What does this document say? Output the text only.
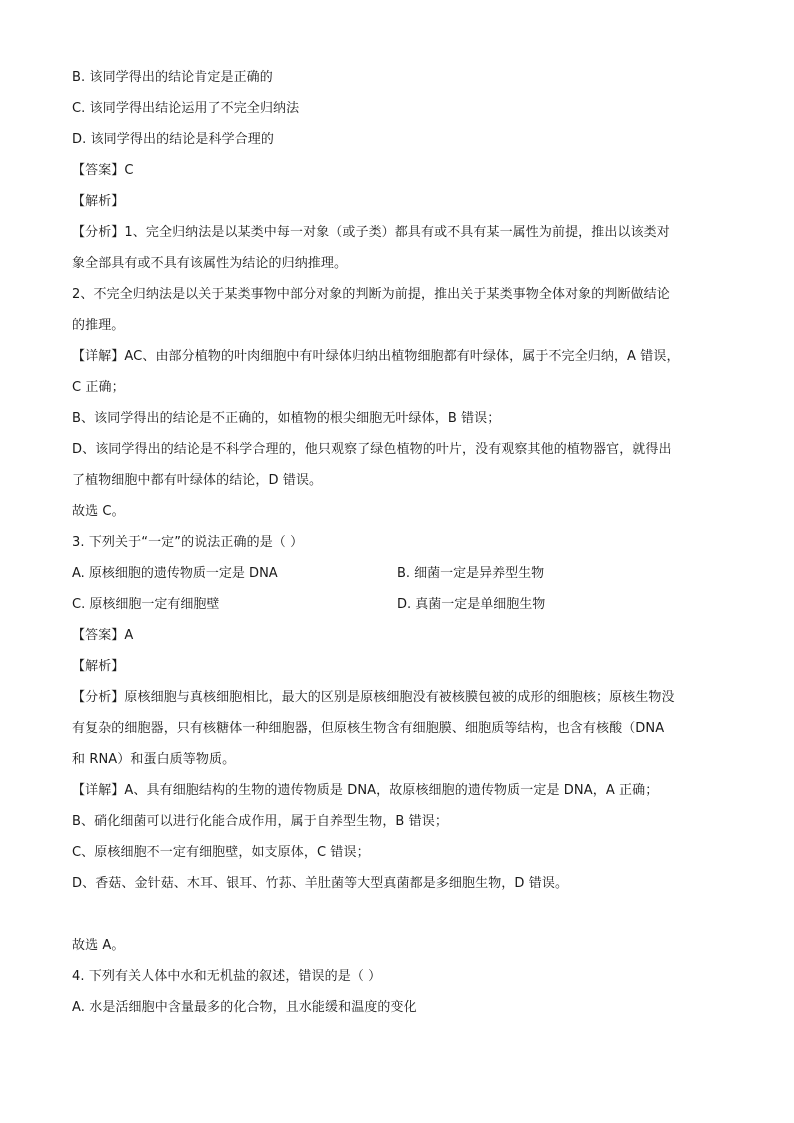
B. 该同学得出的结论肯定是正确的
C. 该同学得出结论运用了不完全归纳法
D. 该同学得出的结论是科学合理的
【答案】C
【解析】
【分析】1、完全归纳法是以某类中每一对象（或子类）都具有或不具有某一属性为前提，推出以该类对
象全部具有或不具有该属性为结论的归纳推理。
2、不完全归纳法是以关于某类事物中部分对象的判断为前提，推出关于某类事物全体对象的判断做结论
的推理。
【详解】AC、由部分植物的叶肉细胞中有叶绿体归纳出植物细胞都有叶绿体，属于不完全归纳，A 错误，
C 正确；
B、该同学得出的结论是不正确的，如植物的根尖细胞无叶绿体，B 错误；
D、该同学得出的结论是不科学合理的，他只观察了绿色植物的叶片，没有观察其他的植物器官，就得出
了植物细胞中都有叶绿体的结论，D 错误。
故选 C。
3. 下列关于“一定”的说法正确的是（ ）
A. 原核细胞的遗传物质一定是 DNA	B. 细菌一定是异养型生物
C. 原核细胞一定有细胞壁	D. 真菌一定是单细胞生物
【答案】A
【解析】
【分析】原核细胞与真核细胞相比，最大的区别是原核细胞没有被核膜包被的成形的细胞核；原核生物没
有复杂的细胞器，只有核糖体一种细胞器，但原核生物含有细胞膜、细胞质等结构，也含有核酸（DNA
和 RNA）和蛋白质等物质。
【详解】A、具有细胞结构的生物的遗传物质是 DNA，故原核细胞的遗传物质一定是 DNA，A 正确；
B、硝化细菌可以进行化能合成作用，属于自养型生物，B 错误；
C、原核细胞不一定有细胞壁，如支原体，C 错误；
D、香菇、金针菇、木耳、银耳、竹荪、羊肚菌等大型真菌都是多细胞生物，D 错误。
故选 A。
4. 下列有关人体中水和无机盐的叙述，错误的是（ ）
A. 水是活细胞中含量最多的化合物，且水能缓和温度的变化
